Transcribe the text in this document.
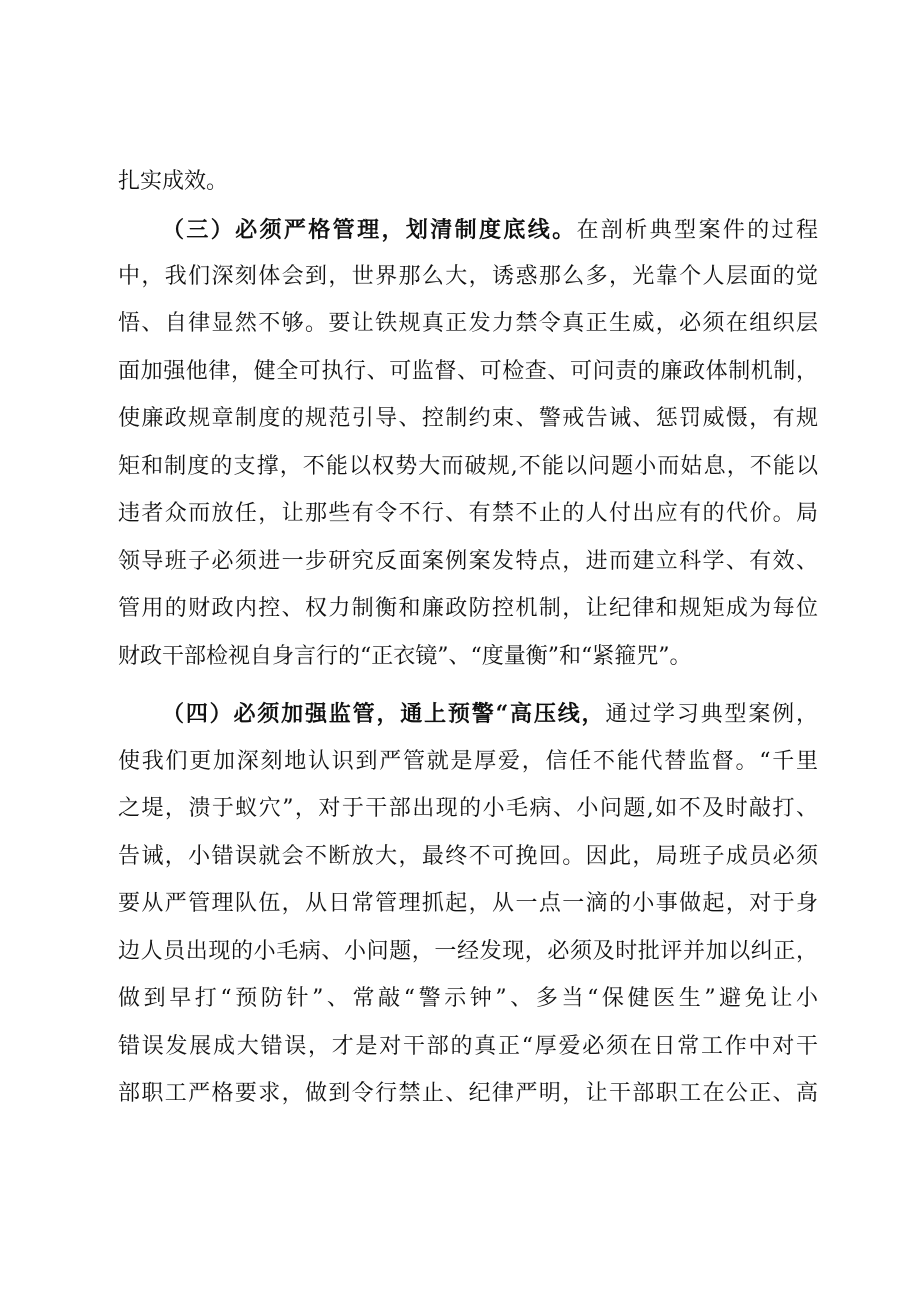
扎实成效。
（三）必须严格管理，划清制度底线。在剖析典型案件的过程
中，我们深刻体会到，世界那么大，诱惑那么多，光靠个人层面的觉
悟、自律显然不够。要让铁规真正发力禁令真正生威，必须在组织层
面加强他律，健全可执行、可监督、可检查、可问责的廉政体制机制，
使廉政规章制度的规范引导、控制约束、警戒告诫、惩罚威慑，有规
矩和制度的支撑，不能以权势大而破规,不能以问题小而姑息，不能以
违者众而放任，让那些有令不行、有禁不止的人付出应有的代价。局
领导班子必须进一步研究反面案例案发特点，进而建立科学、有效、
管用的财政内控、权力制衡和廉政防控机制，让纪律和规矩成为每位
财政干部检视自身言行的“正衣镜”、“度量衡”和“紧箍咒”。
（四）必须加强监管，通上预警“高压线，通过学习典型案例，
使我们更加深刻地认识到严管就是厚爱，信任不能代替监督。“千里
之堤，溃于蚁穴”，对于干部出现的小毛病、小问题,如不及时敲打、
告诫，小错误就会不断放大，最终不可挽回。因此，局班子成员必须
要从严管理队伍，从日常管理抓起，从一点一滴的小事做起，对于身
边人员出现的小毛病、小问题，一经发现，必须及时批评并加以纠正，
做到早打“预防针”、常敲“警示钟”、多当“保健医生”避免让小
错误发展成大错误，才是对干部的真正“厚爱必须在日常工作中对干
部职工严格要求，做到令行禁止、纪律严明，让干部职工在公正、高
